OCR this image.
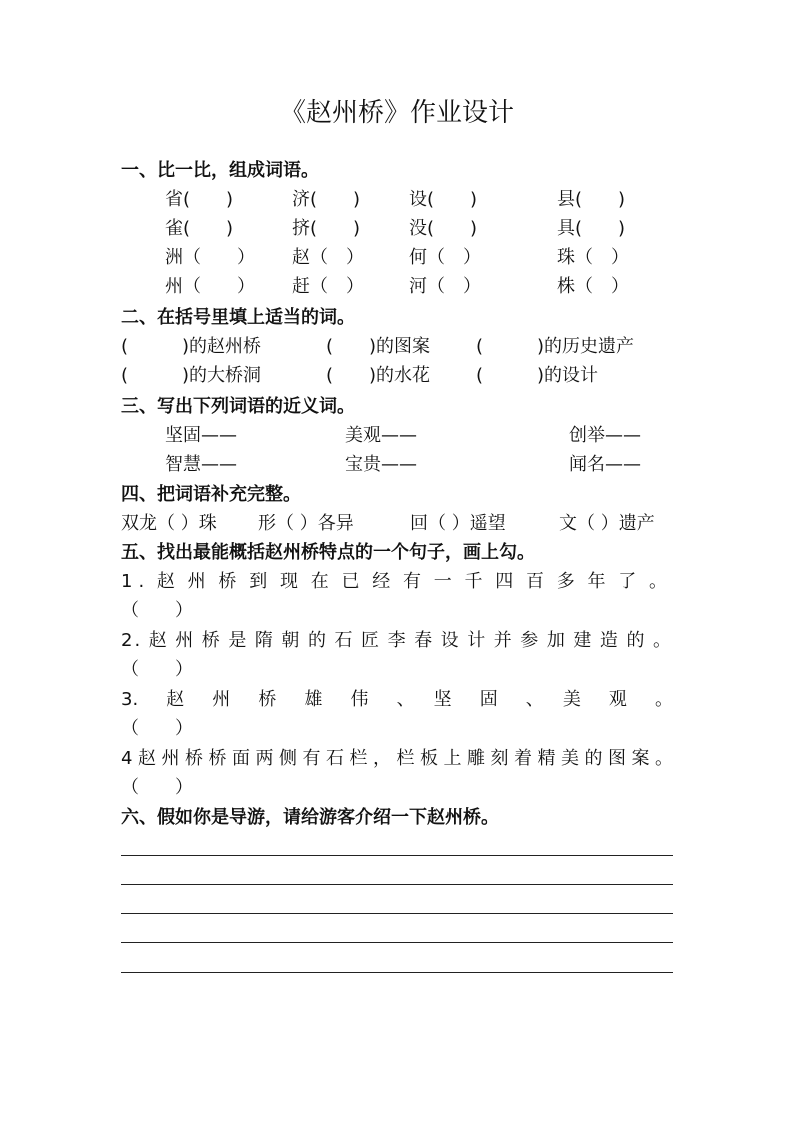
《赵州桥》作业设计
一、比一比，组成词语。
省(　　)	济(　　)	设(　　)	县(　　)
雀(　　)	挤(　　)	没(　　)	具(　　)
洲（　　） 赵（　）	何（　）	珠（　）
州（　　） 赶（　）	河（　）	株（　）
二、在括号里填上适当的词。
(　　　)的赵州桥	(　　)的图案	(　　　)的历史遗产
(　　　)的大桥洞	(　　)的水花	(　　　)的设计
三、写出下列词语的近义词。
坚固——	美观——	创举——
智慧——	宝贵——	闻名——
四、把词语补充完整。
双龙（ ）珠 形（ ）各异	回（ ）遥望	文（ ）遗产
五、找出最能概括赵州桥特点的一个句子，画上勾。
1.赵州桥到现在已经有一千四百多年了。
（　　）
2.赵州桥是隋朝的石匠李春设计并参加建造的。
（　　）
3.　赵　州　桥　雄　伟　、　坚　固　、　美　观　。
（　　）
4赵州桥桥面两侧有石栏，栏板上雕刻着精美的图案。
（　　）
六、假如你是导游，请给游客介绍一下赵州桥。
